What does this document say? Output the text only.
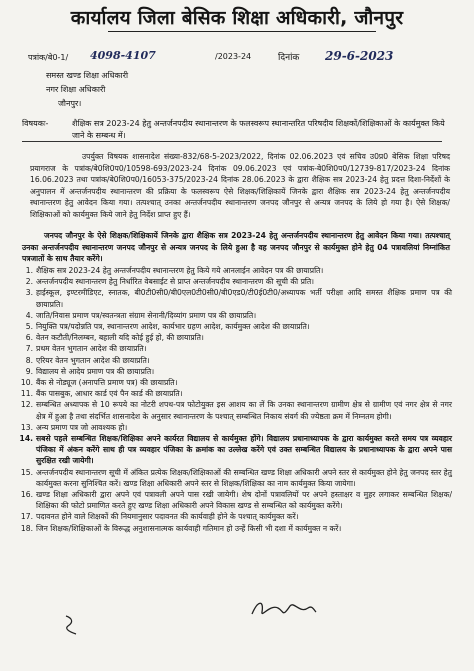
कार्यालय जिला बेसिक शिक्षा अधिकारी, जौनपुर
पत्रांक/बे0-1/ 4098-4107	/2023-24	दिनांक 29-6-2023
समस्त खण्ड शिक्षा अधिकारी
नगर शिक्षा अधिकारी
जौनपुर।
विषयकः-	शैक्षिक सत्र 2023-24 हेतु अन्तर्जनपदीय स्थानान्तरण के फलस्वरूप स्थानान्तरित परिषदीय शिक्षकों/शिक्षिकाओं के कार्यमुक्त किये जाने के सम्बन्ध में।
उपर्युक्त विषयक शासनादेश संख्या-832/68-5-2023/2022, दिनांक 02.06.2023 एवं सचिव उ0प्र0 बेसिक शिक्षा परिषद प्रयागराज के पत्रांक/बे0शि0प0/10598-693/2023-24 दिनांक 09.06.2023 एवं पत्रांक-बे0शि0प0/12739-817/2023-24 दिनांक 16.06.2023 तथा पत्रांक/बे0शि0प0/16053-375/2023-24 दिनांक 28.06.2023 के द्वारा शैक्षिक सत्र 2023-24 हेतु प्रदत्त दिशा-निर्देशों के अनुपालन में अन्तर्जनपदीय स्थानान्तरण की प्रक्रिया के फलस्वरूप ऐसे शिक्षक/शिक्षिकायें जिनके द्वारा शैक्षिक सत्र 2023-24 हेतु अन्तर्जनपदीय स्थानान्तरण हेतु आवेदन किया गया। तत्पश्चात् उनका अन्तर्जनपदीय स्थानान्तरण जनपद जौनपुर से अन्यत्र जनपद के लिये हो गया है। ऐसे शिक्षक/शिक्षिकाओं को कार्यमुक्त किये जाने हेतु निर्देश प्राप्त हुए हैं।
जनपद जौनपुर के ऐसे शिक्षक/शिक्षिकायें जिनके द्वारा शैक्षिक सत्र 2023-24 हेतु अन्तर्जनपदीय स्थानान्तरण हेतु आवेदन किया गया। तत्पश्चात् उनका अन्तर्जनपदीय स्थानान्तरण जनपद जौनपुर से अन्यत्र जनपद के लिये हुआ है वह जनपद जौनपुर से कार्यमुक्त होने हेतु 04 पत्रावलियां निम्नांकित पत्रजातों के साथ तैयार करेंगे।
1. शैक्षिक सत्र 2023-24 हेतु अन्तर्जनपदीय स्थानान्तरण हेतु किये गये आनलाईन आवेदन पत्र की छायाप्रति।
2. अन्तर्जनपदीय स्थानान्तरण हेतु निर्धारित वेबसाईट से प्राप्त अन्तर्जनपदीय स्थानान्तरण की सूची की प्रति।
3. हाईस्कूल, इण्टरमीडिएट, स्नातक, बी0टी0सी0/बी0एल0टी0सी0/बी0एड0/टी0ई0टी0/अध्यापक भर्ती परीक्षा आदि समस्त शैक्षिक प्रमाण पत्र की छायाप्रति।
4. जाति/निवास प्रमाण पत्र/स्वतन्त्रता संग्राम सेनानी/दिव्यांग प्रमाण पत्र की छायाप्रति।
5. नियुक्ति पत्र/पदोन्नति पत्र, स्थानान्तरण आदेश, कार्यभार ग्रहण आदेश, कार्यमुक्त आदेश की छायाप्रति।
6. वेतन कटौती/निलम्बन, बहाली यदि कोई हुई हो, की छायाप्रति।
7. प्रथम वेतन भुगतान आदेश की छायाप्रति।
8. एरियर वेतन भुगतान आदेश की छायाप्रति।
9. विद्यालय से आदेय प्रमाण पत्र की छायाप्रति।
10. बैंक से नोड्यूज (अनापत्ति प्रमाण पत्र) की छायाप्रति।
11. बैंक पासबुक, आधार कार्ड एवं पैन कार्ड की छायाप्रति।
12. सम्बन्धित अध्यापक से 10 रूपये का नोटरी शपथ-पत्र फोटोयुक्त इस आशय का लें कि उनका स्थानान्तरण ग्रामीण क्षेत्र से ग्रामीण एवं नगर क्षेत्र से नगर क्षेत्र में हुआ है तथा संदर्भित शासनादेश के अनुसार स्थानान्तरण के पश्चात् सम्बन्धित निकाय संवर्ग की ज्येष्ठता क्रम में निम्नतम होगी।
13. अन्य प्रमाण पत्र जो आवश्यक हो।
14. सबसे पहले सम्बन्धित शिक्षक/शिक्षिका अपने कार्यरत विद्यालय से कार्यमुक्त होंगे। विद्यालय प्रधानाध्यापक के द्वारा कार्यमुक्त करते समय पत्र व्यवहार पंजिका में अंकन करेंगे साथ ही पत्र व्यवहार पंजिका के क्रमांक का उल्लेख करेंगे एवं उक्त सम्बन्धित विद्यालय के प्रधानाध्यापक के द्वारा अपने पास सुरक्षित रखी जायेगी।
15. अन्तर्जनपदीय स्थानान्तरण सूची में अंकित प्रत्येक शिक्षक/शिक्षिकाओं की सम्बन्धित खण्ड शिक्षा अधिकारी अपने स्तर से कार्यमुक्त होने हेतु जनपद स्तर हेतु कार्यमुक्त करना सुनिश्चित करें। खण्ड शिक्षा अधिकारी अपने स्तर से शिक्षक/शिक्षिका का नाम कार्यमुक्त किया जायेगा।
16. खण्ड शिक्षा अधिकारी द्वारा अपने एवं पत्रावली अपने पास रखी जायेगी। शेष दोनों पत्रावलियों पर अपने हस्ताक्षर व मुहर लगाकर सम्बन्धित शिक्षक/शिक्षिका की फोटो प्रमाणित करते हुए खण्ड शिक्षा अधिकारी अपने विकास खण्ड से सम्बन्धित को कार्यमुक्त करेंगे।
17. पदावनत होने वाले शिक्षकों की नियमानुसार पदावनत की कार्यवाही होने के पश्चात् कार्यमुक्त करें।
18. जिन शिक्षक/शिक्षिकाओं के विरूद्ध अनुशासनात्मक कार्यवाही गतिमान हो उन्हें किसी भी दशा में कार्यमुक्त न करें।
